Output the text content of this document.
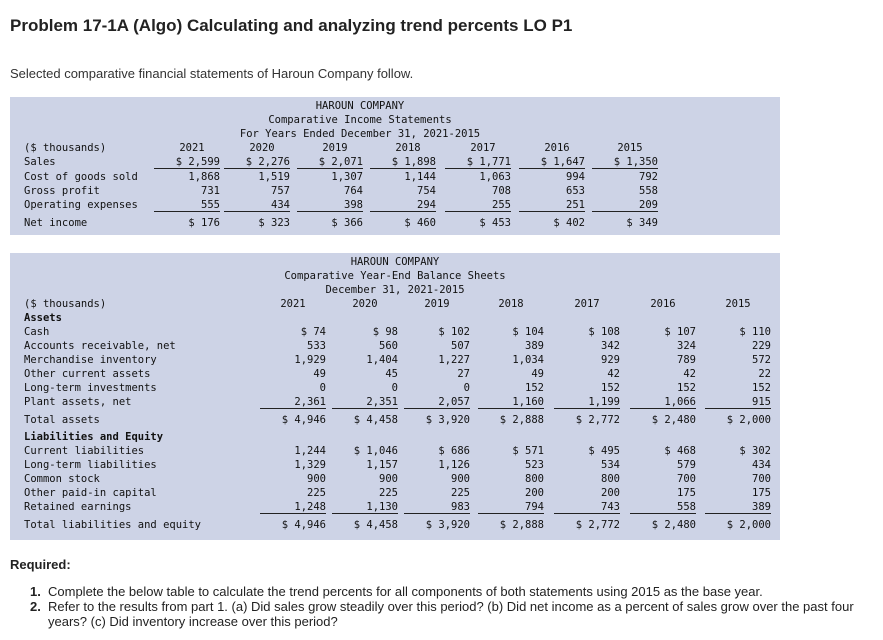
Problem 17-1A (Algo) Calculating and analyzing trend percents LO P1
Selected comparative financial statements of Haroun Company follow.

HAROUN COMPANY

Comparative Income Statements

For Years Ended December 31, 2021-2015

($ thousands)

	2021	2020	2019	2018	2017	2016	2015

Sales	$ 2,599	$ 2,276	$ 2,071	$ 1,898	$ 1,771	$ 1,647	$ 1,350
Cost of goods sold	1,868	1,519	1,307	1,144	1,063	994	792
Gross profit	731	757	764	754	708	653	558
Operating expenses	555	434	398	294	255	251	209
Net income	$ 176	$ 323	$ 366	$ 460	$ 453	$ 402	$ 349

HAROUN COMPANY

Comparative Year-End Balance Sheets

December 31, 2021-2015

($ thousands)

	2021	2020	2019	2018	2017	2016	2015

Assets

Cash	$ 74	$ 98	$ 102	$ 104	$ 108	$ 107	$ 110
Accounts receivable, net	533	560	507	389	342	324	229
Merchandise inventory	1,929	1,404	1,227	1,034	929	789	572
Other current assets	49	45	27	49	42	42	22
Long-term investments	0	0	0	152	152	152	152
Plant assets, net	2,361	2,351	2,057	1,160	1,199	1,066	915
Total assets	$ 4,946	$ 4,458	$ 3,920	$ 2,888	$ 2,772	$ 2,480	$ 2,000

Liabilities and Equity

Current liabilities	1,244	$ 1,046	$ 686	$ 571	$ 495	$ 468	$ 302
Long-term liabilities	1,329	1,157	1,126	523	534	579	434
Common stock	900	900	900	800	800	700	700
Other paid-in capital	225	225	225	200	200	175	175
Retained earnings	1,248	1,130	983	794	743	558	389
Total liabilities and equity	$ 4,946	$ 4,458	$ 3,920	$ 2,888	$ 2,772	$ 2,480	$ 2,000

Required:
1. Complete the below table to calculate the trend percents for all components of both statements using 2015 as the base year.
2. Refer to the results from part 1. (a) Did sales grow steadily over this period? (b) Did net income as a percent of sales grow over the past four years? (c) Did inventory increase over this period?
